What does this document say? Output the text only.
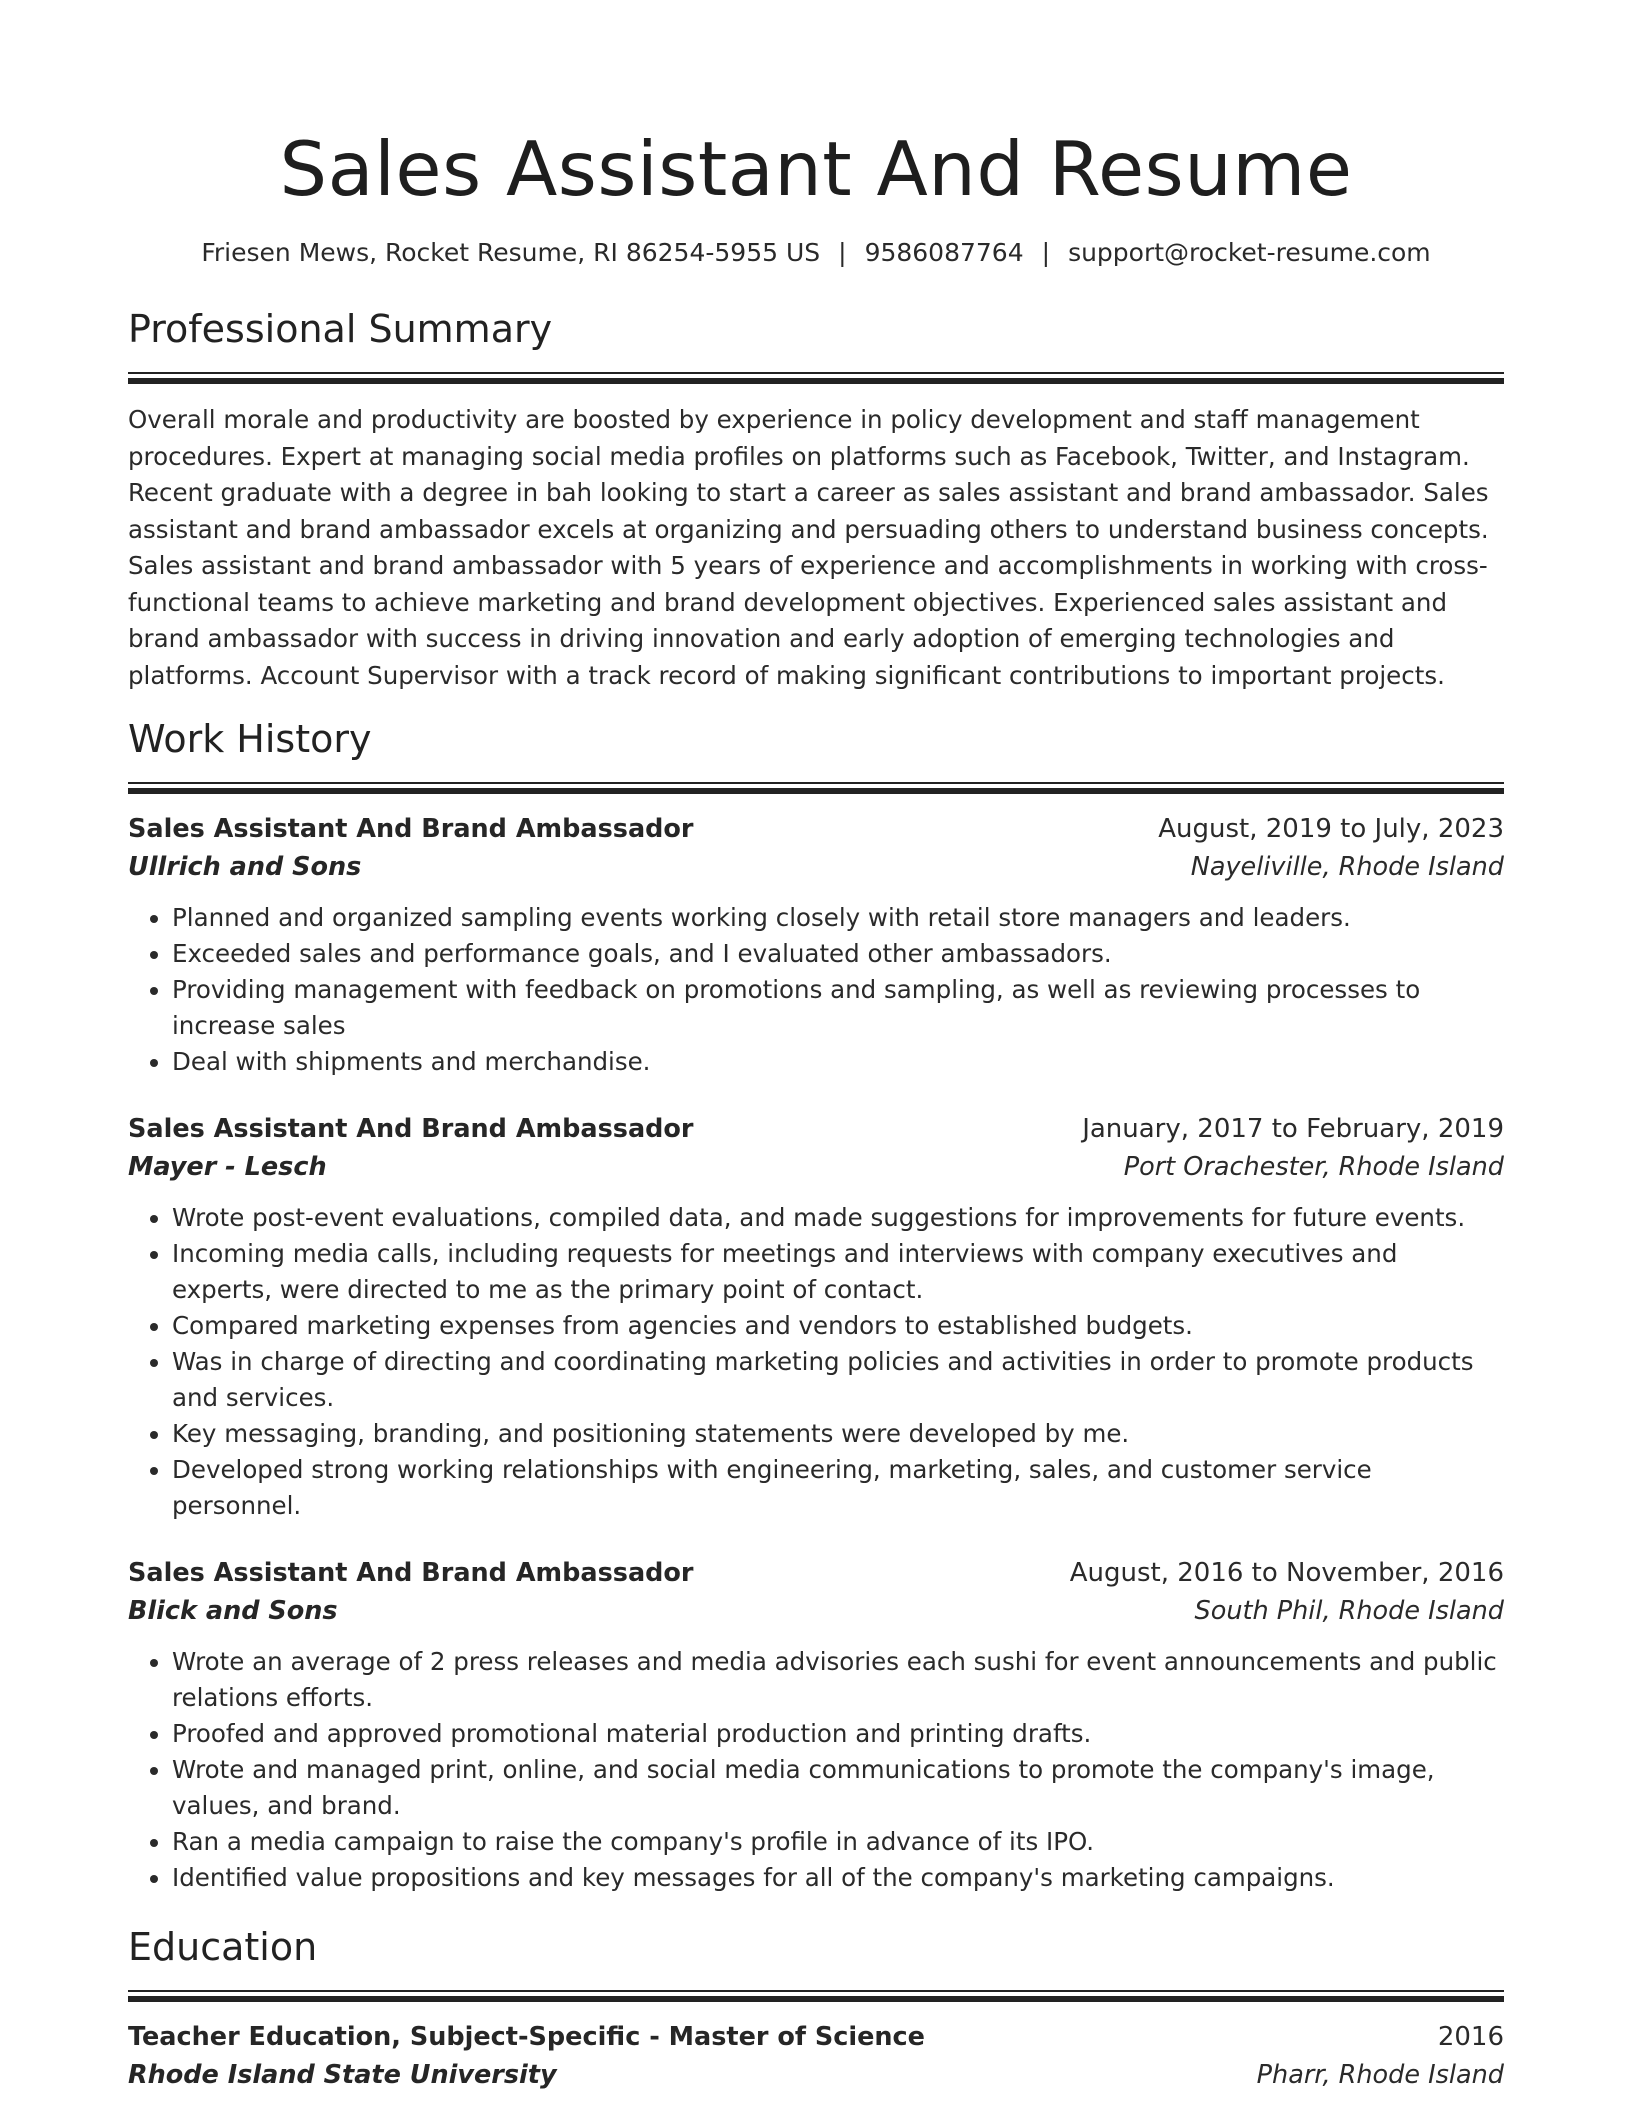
Sales Assistant And Resume
Friesen Mews, Rocket Resume, RI 86254-5955 US | 9586087764 | support@rocket-resume.com
Professional Summary

Overall morale and productivity are boosted by experience in policy development and staff management procedures. Expert at managing social media profiles on platforms such as Facebook, Twitter, and Instagram. Recent graduate with a degree in bah looking to start a career as sales assistant and brand ambassador. Sales assistant and brand ambassador excels at organizing and persuading others to understand business concepts. Sales assistant and brand ambassador with 5 years of experience and accomplishments in working with cross-functional teams to achieve marketing and brand development objectives. Experienced sales assistant and brand ambassador with success in driving innovation and early adoption of emerging technologies and platforms. Account Supervisor with a track record of making significant contributions to important projects.

Work History
Sales Assistant And Brand Ambassador	August, 2019 to July, 2023
Ullrich and Sons	Nayeliville, Rhode Island
• Planned and organized sampling events working closely with retail store managers and leaders.
• Exceeded sales and performance goals, and I evaluated other ambassadors.
• Providing management with feedback on promotions and sampling, as well as reviewing processes to increase sales
• Deal with shipments and merchandise.
Sales Assistant And Brand Ambassador	January, 2017 to February, 2019
Mayer - Lesch	Port Orachester, Rhode Island
• Wrote post-event evaluations, compiled data, and made suggestions for improvements for future events.
• Incoming media calls, including requests for meetings and interviews with company executives and experts, were directed to me as the primary point of contact.
• Compared marketing expenses from agencies and vendors to established budgets.
• Was in charge of directing and coordinating marketing policies and activities in order to promote products and services.
• Key messaging, branding, and positioning statements were developed by me.
• Developed strong working relationships with engineering, marketing, sales, and customer service personnel.
Sales Assistant And Brand Ambassador	August, 2016 to November, 2016
Blick and Sons	South Phil, Rhode Island
• Wrote an average of 2 press releases and media advisories each sushi for event announcements and public relations efforts.
• Proofed and approved promotional material production and printing drafts.
• Wrote and managed print, online, and social media communications to promote the company's image, values, and brand.
• Ran a media campaign to raise the company's profile in advance of its IPO.
• Identified value propositions and key messages for all of the company's marketing campaigns.
Education
Teacher Education, Subject-Specific - Master of Science	2016
Rhode Island State University	Pharr, Rhode Island
